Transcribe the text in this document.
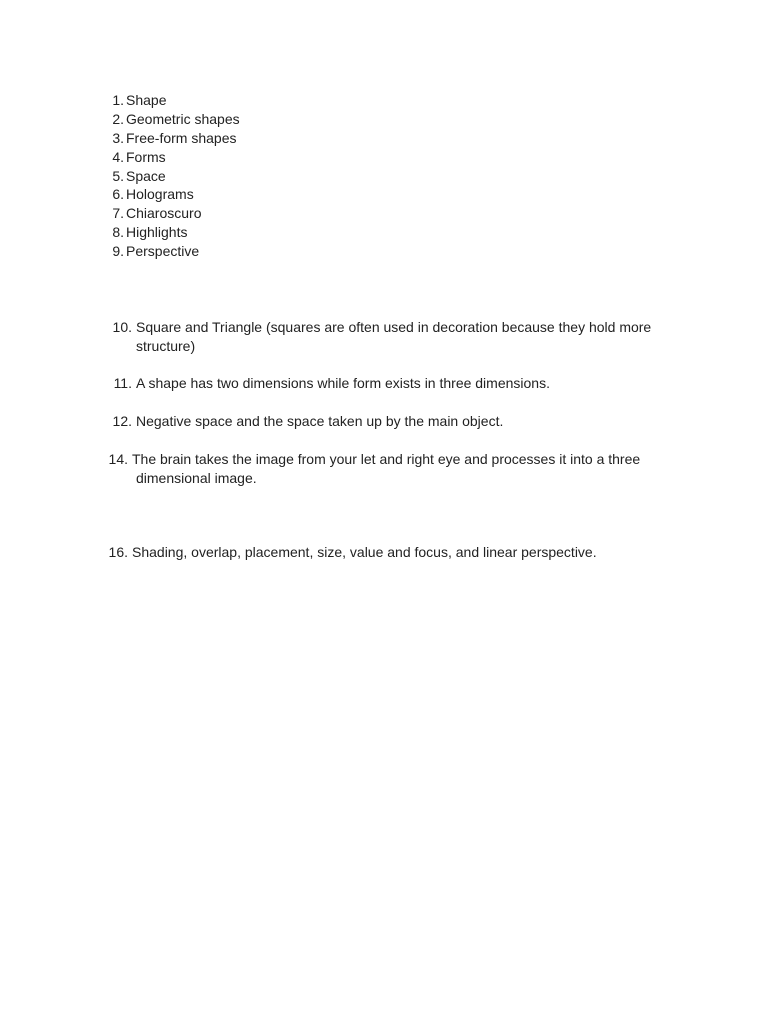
1. Shape
2. Geometric shapes
3. Free-form shapes
4. Forms
5. Space
6. Holograms
7. Chiaroscuro
8. Highlights
9. Perspective
10. Square and Triangle (squares are often used in decoration because they hold more structure)
11. A shape has two dimensions while form exists in three dimensions.
12. Negative space and the space taken up by the main object.
14. The brain takes the image from your let and right eye and processes it into a three dimensional image.
16. Shading, overlap, placement, size, value and focus, and linear perspective.
